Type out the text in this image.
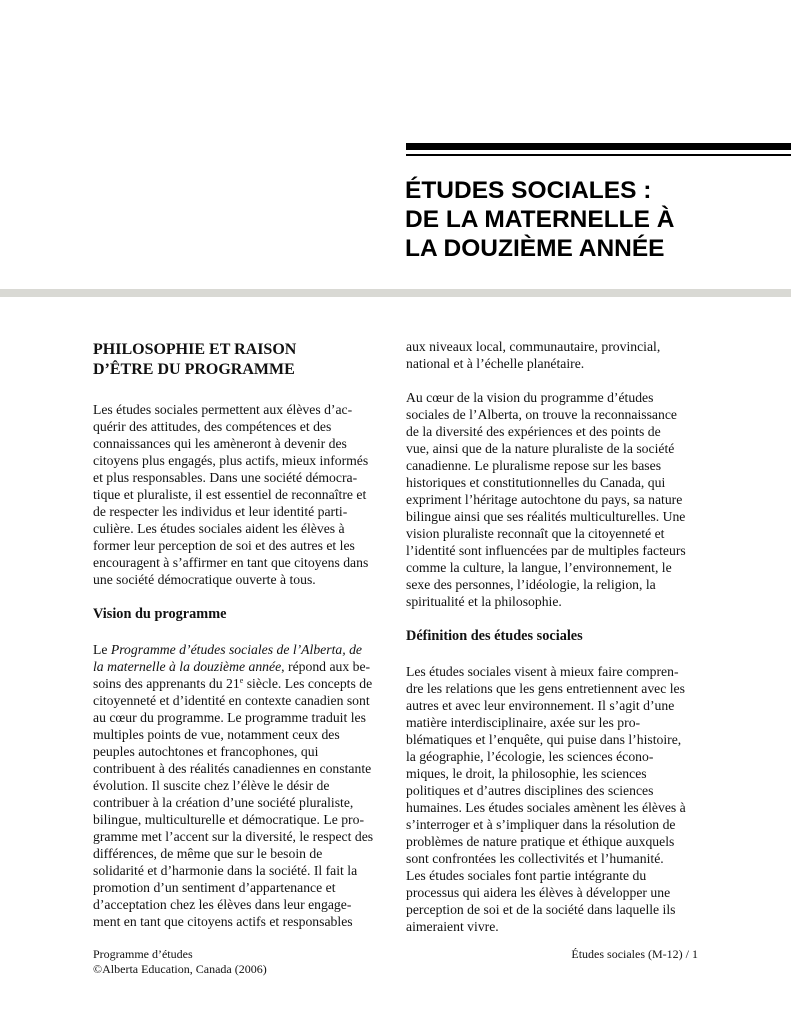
ÉTUDES SOCIALES :
DE LA MATERNELLE À
LA DOUZIÈME ANNÉE
PHILOSOPHIE ET RAISON
D’ÊTRE DU PROGRAMME
Les études sociales permettent aux élèves d’ac-
quérir des attitudes, des compétences et des
connaissances qui les amèneront à devenir des
citoyens plus engagés, plus actifs, mieux informés
et plus responsables. Dans une société démocra-
tique et pluraliste, il est essentiel de reconnaître et
de respecter les individus et leur identité parti-
culière. Les études sociales aident les élèves à
former leur perception de soi et des autres et les
encouragent à s’affirmer en tant que citoyens dans
une société démocratique ouverte à tous.
Vision du programme
Le Programme d’études sociales de l’Alberta, de
la maternelle à la douzième année, répond aux be-
soins des apprenants du 21e siècle. Les concepts de
citoyenneté et d’identité en contexte canadien sont
au cœur du programme. Le programme traduit les
multiples points de vue, notamment ceux des
peuples autochtones et francophones, qui
contribuent à des réalités canadiennes en constante
évolution. Il suscite chez l’élève le désir de
contribuer à la création d’une société pluraliste,
bilingue, multiculturelle et démocratique. Le pro-
gramme met l’accent sur la diversité, le respect des
différences, de même que sur le besoin de
solidarité et d’harmonie dans la société. Il fait la
promotion d’un sentiment d’appartenance et
d’acceptation chez les élèves dans leur engage-
ment en tant que citoyens actifs et responsables
aux niveaux local, communautaire, provincial,
national et à l’échelle planétaire.
Au cœur de la vision du programme d’études
sociales de l’Alberta, on trouve la reconnaissance
de la diversité des expériences et des points de
vue, ainsi que de la nature pluraliste de la société
canadienne. Le pluralisme repose sur les bases
historiques et constitutionnelles du Canada, qui
expriment l’héritage autochtone du pays, sa nature
bilingue ainsi que ses réalités multiculturelles. Une
vision pluraliste reconnaît que la citoyenneté et
l’identité sont influencées par de multiples facteurs
comme la culture, la langue, l’environnement, le
sexe des personnes, l’idéologie, la religion, la
spiritualité et la philosophie.
Définition des études sociales
Les études sociales visent à mieux faire compren-
dre les relations que les gens entretiennent avec les
autres et avec leur environnement. Il s’agit d’une
matière interdisciplinaire, axée sur les pro-
blématiques et l’enquête, qui puise dans l’histoire,
la géographie, l’écologie, les sciences écono-
miques, le droit, la philosophie, les sciences
politiques et d’autres disciplines des sciences
humaines. Les études sociales amènent les élèves à
s’interroger et à s’impliquer dans la résolution de
problèmes de nature pratique et éthique auxquels
sont confrontées les collectivités et l’humanité.
Les études sociales font partie intégrante du
processus qui aidera les élèves à développer une
perception de soi et de la société dans laquelle ils
aimeraient vivre.
Programme d’études
©Alberta Education, Canada (2006)
Études sociales (M-12) / 1
